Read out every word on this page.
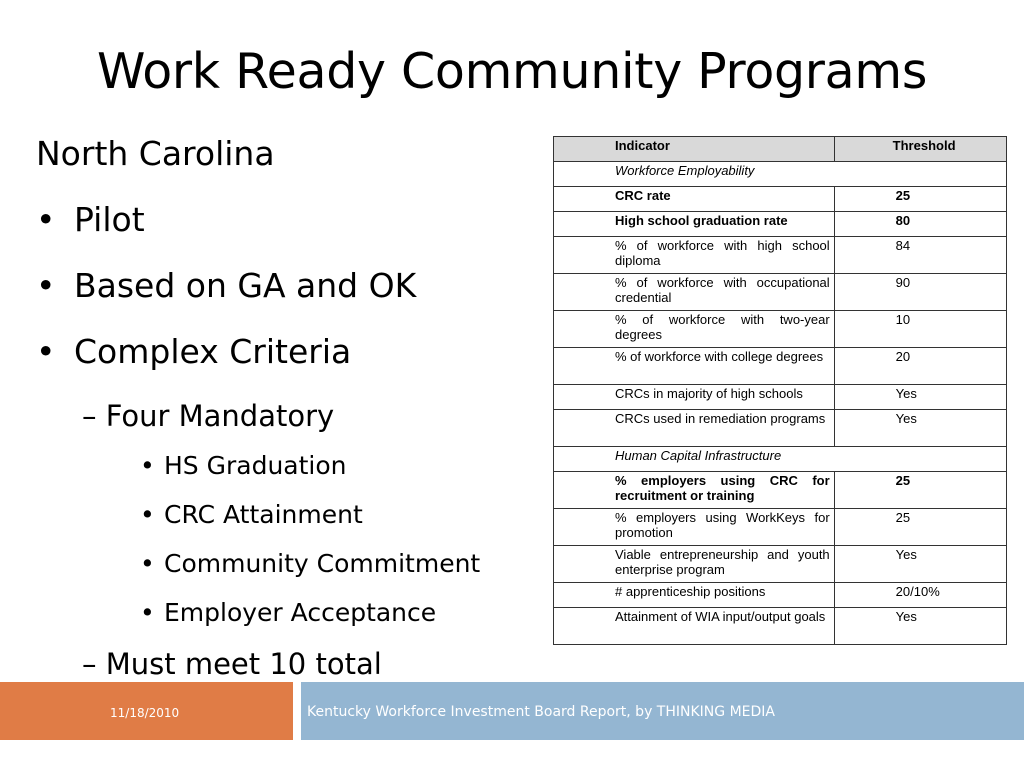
Work Ready Community Programs
North Carolina
• Pilot
• Based on GA and OK
• Complex Criteria
– Four Mandatory
• HS Graduation
• CRC Attainment
• Community Commitment
• Employer Acceptance
– Must meet 10 total
Indicator	Threshold
Workforce Employability	
CRC rate	25
High school graduation rate	80
% of workforce with high school diploma	84
% of workforce with occupational credential	90
% of workforce with two-year degrees	10
% of workforce with college degrees	20
CRCs in majority of high schools	Yes
CRCs used in remediation programs	Yes
Human Capital Infrastructure	
% employers using CRC for recruitment or training	25
% employers using WorkKeys for promotion	25
Viable entrepreneurship and youth enterprise program	Yes
# apprenticeship positions	20/10%
Attainment of WIA input/output goals	Yes
11/18/2010	Kentucky Workforce Investment Board Report, by THINKING MEDIA
